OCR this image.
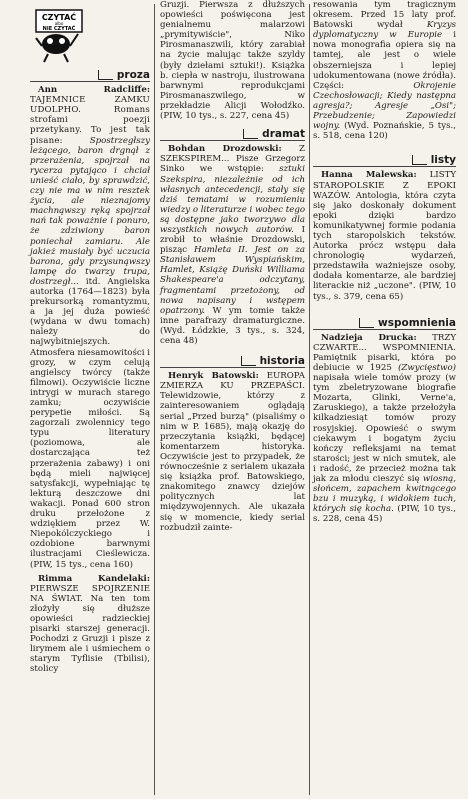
CZYTAĆ
albo
NIE CZYTAĆ
proza

Ann Radcliffe: TAJEMNICE ZAMKU UDOLPHO. Romans strofami poezji przetykany. To jest tak pisane:	Spostrzegłszy leżącego, baron drgnął z przerażenia, spojrzał na rycerza pytająco i chciał unieść ciało, by sprawdzić, czy nie ma w nim resztek życia, ale nieznajomy machnąwszy ręką spojrzał nań tak poważnie i ponuro, że zdziwiony baron poniechał zamiaru. Ale jakież musiały być uczucia barona, gdy przysunąwszy lampę do twarzy trupa, dostrzegł... itd. Angielska autorka (1764—1823) była prekursorką romantyzmu, a ja jej duża powieść (wydana w dwu tomach) należy do najwybitniejszych. Atmosfera niesamowitości i grozy, w czym celują angielscy twórcy (także filmowi). Oczywiście liczne intrygi w murach starego zamku; oczywiście perypetie miłości. Są zagorzali zwolennicy tego typu literatury (poziomowa, ale dostarczająca też przerażenia zabawy) i oni będą mieli najwięcej satysfakcji, wypełniając tę lekturą deszczowe dni wakacji. Ponad 600 stron druku przełożone z wdziękiem przez W. Niepokólczyckiego i ozdobione barwnymi ilustracjami Cieślewicza. (PIW, 15 tys., cena 160)

Rimma Kandelaki: PIERWSZE SPOJRZENIE NA ŚWIAT. Na ten tom złożyły się dłuższe opowieści radzieckiej pisarki starszej generacji. Pochodzi z Gruzji i pisze z lirymem ale i uśmiechem o starym Tyflisie (Tbilisi), stolicy

Gruzji. Pierwsza z dłuższych opowieści poświęcona jest genialnemu malarzowi „prymitywiście", Niko Pirosmanaszwili, który zarabiał na życie malując także szyldy (były dziełami sztuki!). Książka b. ciepła w nastroju, ilustrowana barwnymi reprodukcjami Pirosmanaszwilego, w przekładzie Alicji Wołodźko. (PIW, 10 tys., s. 227, cena 45)

dramat

Bohdan Drozdowski: Z SZEKSPIREM... Pisze Grzegorz Sinko we wstępie: sztuki Szekspira, niezależnie od ich własnych antecedencji, stały się dziś tematami w rozumieniu wiedzy o literaturze i wobec tego są dostępne jako tworzywo dla wszystkich nowych autorów. I zrobił to właśnie Drozdowski, pisząc Hamleta II. Jest on za Stanisławem Wyspiańskim, Hamlet, Książę Duński Williama Shakespeare'a odczytany, fragmentami przetożony, od nowa napisany i wstępem opatrzony. W ym tomie także inne parafrazy dramaturgiczne. (Wyd. Łódzkie, 3 tys., s. 324, cena 48)

historia

Henryk Batowski: EUROPA ZMIERZA KU PRZEPAŚCI. Telewidzowie, którzy z zainteresowaniem oglądają serial „Przed burzą" (pisaliśmy o nim w P. 1685), mają okazję do przeczytania książki, będącej komentarzem historyka. Oczywiście jest to przypadek, że równocześnie z serialem ukazała się książka prof. Batowskiego, znakomitego znawcy dziejów politycznych lat międzywojennych. Ale ukazała się w momencie, kiedy serial rozbudził zainte-

resowania tym tragicznym okresem. Przed 15 laty prof. Batowski wydał	Kryzys dyplomatyczny w Europie i nowa monografia opiera się na tamtej, ale jest o wiele obszerniejsza i lepiej udokumentowana (nowe źródła). Części:	Okrojenie Czechosłowacji; Kiedy następna agresja?; Agresje „Osi"; Przebudzenie; Zapowiedzi wojny. (Wyd. Poznańskie, 5 tys., s. 518, cena 120)

listy

Hanna Malewska: LISTY STAROPOLSKIE Z EPOKI WAZÓW. Antologia, która czyta się jako doskonały dokument epoki dzięki bardzo komunikatywnej formie podania tych staropolskich tekstów. Autorka prócz wstępu dała chronologię wydarzeń, przedstawiła ważniejsze osoby, dodała komentarze, ale bardziej literackie niż „uczone". (PIW, 10 tys., s. 379, cena 65)

wspomnienia

Nadzieja Drucka: TRZY CZWARTE... WSPOMNIENIA. Pamiętnik pisarki, która po debiucie w 1925 (Zwycięstwo) napisała wiele tomów prozy (w tym zbeletryzowane biografie Mozarta, Glinki, Verne'a, Zaruskiego), a także przełożyła kilkadziesiąt tomów prozy rosyjskiej. Opowieść o swym ciekawym i bogatym życiu kończy refleksjami na temat starości; jest w nich smutek, ale i radość, że przecież można tak jak za młodu cieszyć się wiosną, słońcem, zapachem kwitnącego bzu i muzyką, i widokiem tuch, których się kocha. (PIW, 10 tys., s. 228, cena 45)
